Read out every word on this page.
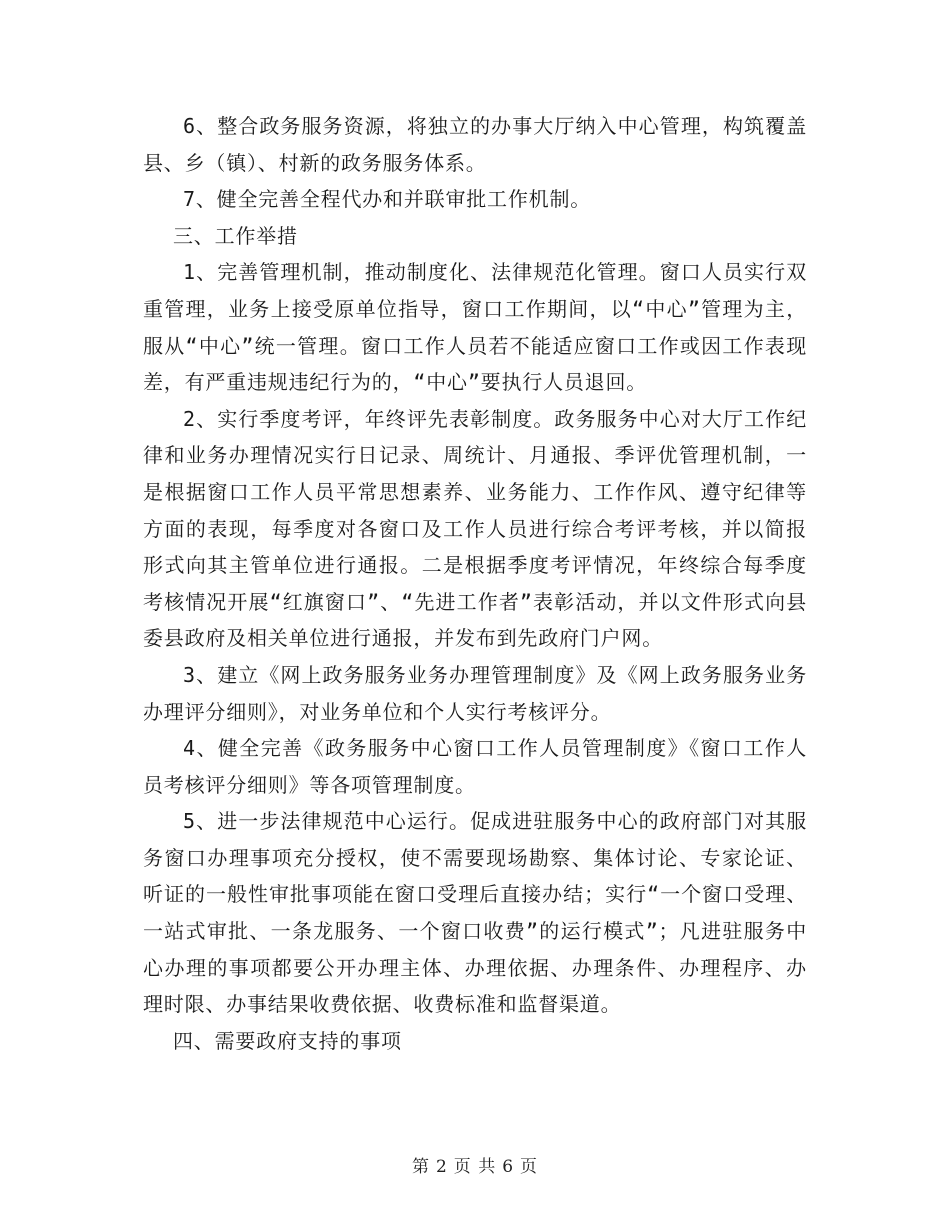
6、整合政务服务资源，将独立的办事大厅纳入中心管理，构筑覆盖县、乡（镇）、村新的政务服务体系。

7、健全完善全程代办和并联审批工作机制。

三、工作举措

1、完善管理机制，推动制度化、法律规范化管理。窗口人员实行双重管理，业务上接受原单位指导，窗口工作期间，以“中心”管理为主，服从“中心”统一管理。窗口工作人员若不能适应窗口工作或因工作表现差，有严重违规违纪行为的，“中心”要执行人员退回。

2、实行季度考评，年终评先表彰制度。政务服务中心对大厅工作纪律和业务办理情况实行日记录、周统计、月通报、季评优管理机制，一是根据窗口工作人员平常思想素养、业务能力、工作作风、遵守纪律等方面的表现，每季度对各窗口及工作人员进行综合考评考核，并以简报形式向其主管单位进行通报。二是根据季度考评情况，年终综合每季度考核情况开展“红旗窗口”、“先进工作者”表彰活动，并以文件形式向县委县政府及相关单位进行通报，并发布到先政府门户网。

3、建立《网上政务服务业务办理管理制度》及《网上政务服务业务办理评分细则》，对业务单位和个人实行考核评分。

4、健全完善《政务服务中心窗口工作人员管理制度》《窗口工作人员考核评分细则》等各项管理制度。

5、进一步法律规范中心运行。促成进驻服务中心的政府部门对其服务窗口办理事项充分授权，使不需要现场勘察、集体讨论、专家论证、听证的一般性审批事项能在窗口受理后直接办结；实行“一个窗口受理、一站式审批、一条龙服务、一个窗口收费”的运行模式”；凡进驻服务中心办理的事项都要公开办理主体、办理依据、办理条件、办理程序、办理时限、办事结果收费依据、收费标准和监督渠道。

四、需要政府支持的事项

第 2 页 共 6 页
